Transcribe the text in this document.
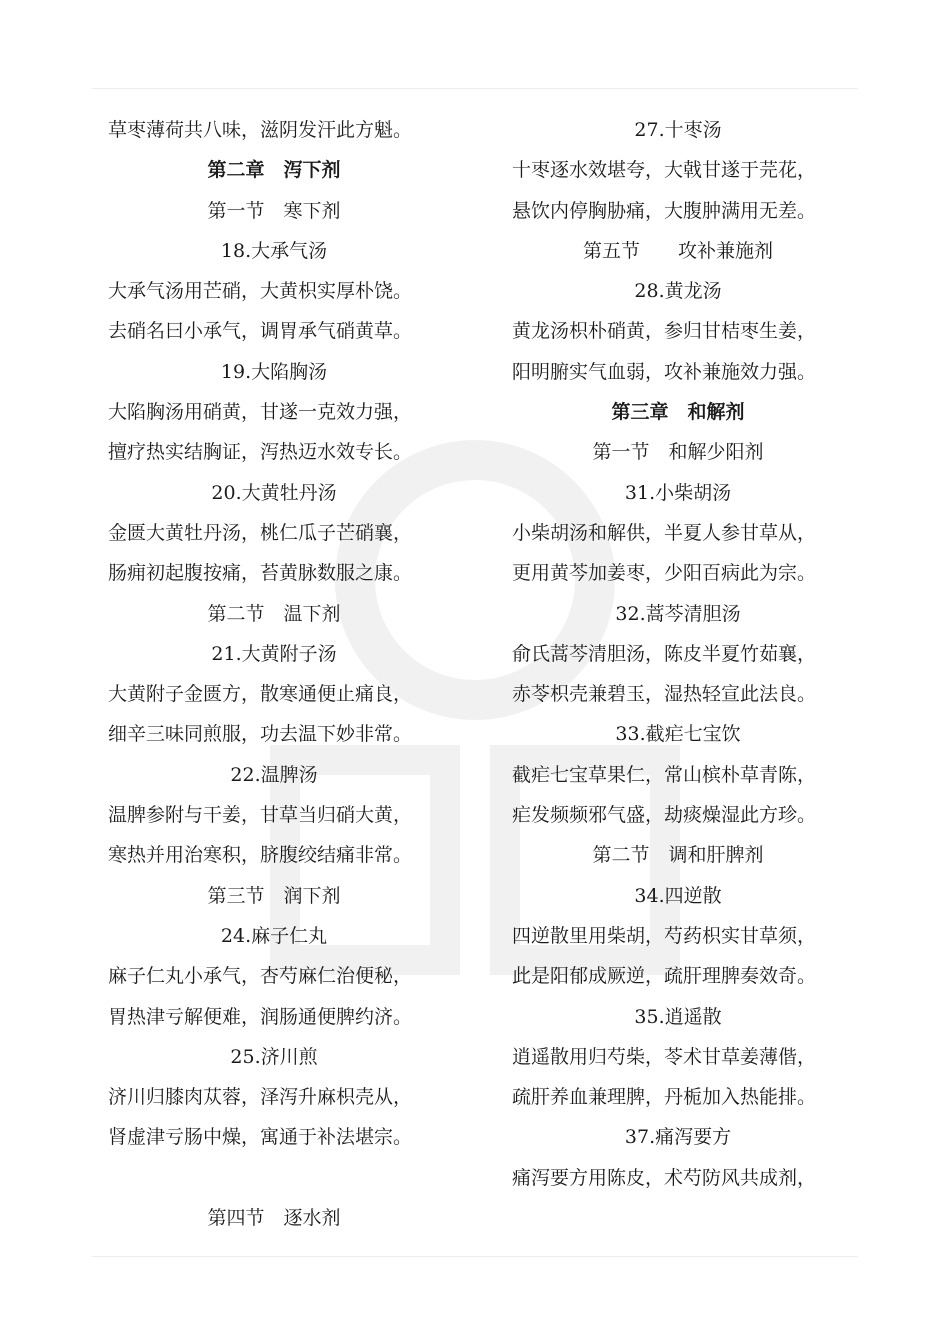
草枣薄荷共八味，滋阴发汗此方魁。
第二章　泻下剂
第一节　寒下剂
18.大承气汤
大承气汤用芒硝，大黄枳实厚朴饶。
去硝名曰小承气，调胃承气硝黄草。
19.大陷胸汤
大陷胸汤用硝黄，甘遂一克效力强，
擅疗热实结胸证，泻热迈水效专长。
20.大黄牡丹汤
金匮大黄牡丹汤，桃仁瓜子芒硝襄，
肠痈初起腹按痛，苔黄脉数服之康。
第二节　温下剂
21.大黄附子汤
大黄附子金匮方，散寒通便止痛良，
细辛三味同煎服，功去温下妙非常。
22.温脾汤
温脾参附与干姜，甘草当归硝大黄，
寒热并用治寒积，脐腹绞结痛非常。
第三节　润下剂
24.麻子仁丸
麻子仁丸小承气，杏芍麻仁治便秘，
胃热津亏解便难，润肠通便脾约济。
25.济川煎
济川归膝肉苁蓉，泽泻升麻枳壳从，
肾虚津亏肠中燥，寓通于补法堪宗。
第四节　逐水剂
27.十枣汤
十枣逐水效堪夸，大戟甘遂于芫花，
悬饮内停胸胁痛，大腹肿满用无差。
第五节　　攻补兼施剂
28.黄龙汤
黄龙汤枳朴硝黄，参归甘桔枣生姜，
阳明腑实气血弱，攻补兼施效力强。
第三章　和解剂
第一节　和解少阳剂
31.小柴胡汤
小柴胡汤和解供，半夏人参甘草从，
更用黄芩加姜枣，少阳百病此为宗。
32.蒿芩清胆汤
俞氏蒿芩清胆汤，陈皮半夏竹茹襄，
赤苓枳壳兼碧玉，湿热轻宣此法良。
33.截疟七宝饮
截疟七宝草果仁，常山槟朴草青陈，
疟发频频邪气盛，劫痰燥湿此方珍。
第二节　调和肝脾剂
34.四逆散
四逆散里用柴胡，芍药枳实甘草须，
此是阳郁成厥逆，疏肝理脾奏效奇。
35.逍遥散
逍遥散用归芍柴，苓术甘草姜薄偕，
疏肝养血兼理脾，丹栀加入热能排。
37.痛泻要方
痛泻要方用陈皮，术芍防风共成剂，
